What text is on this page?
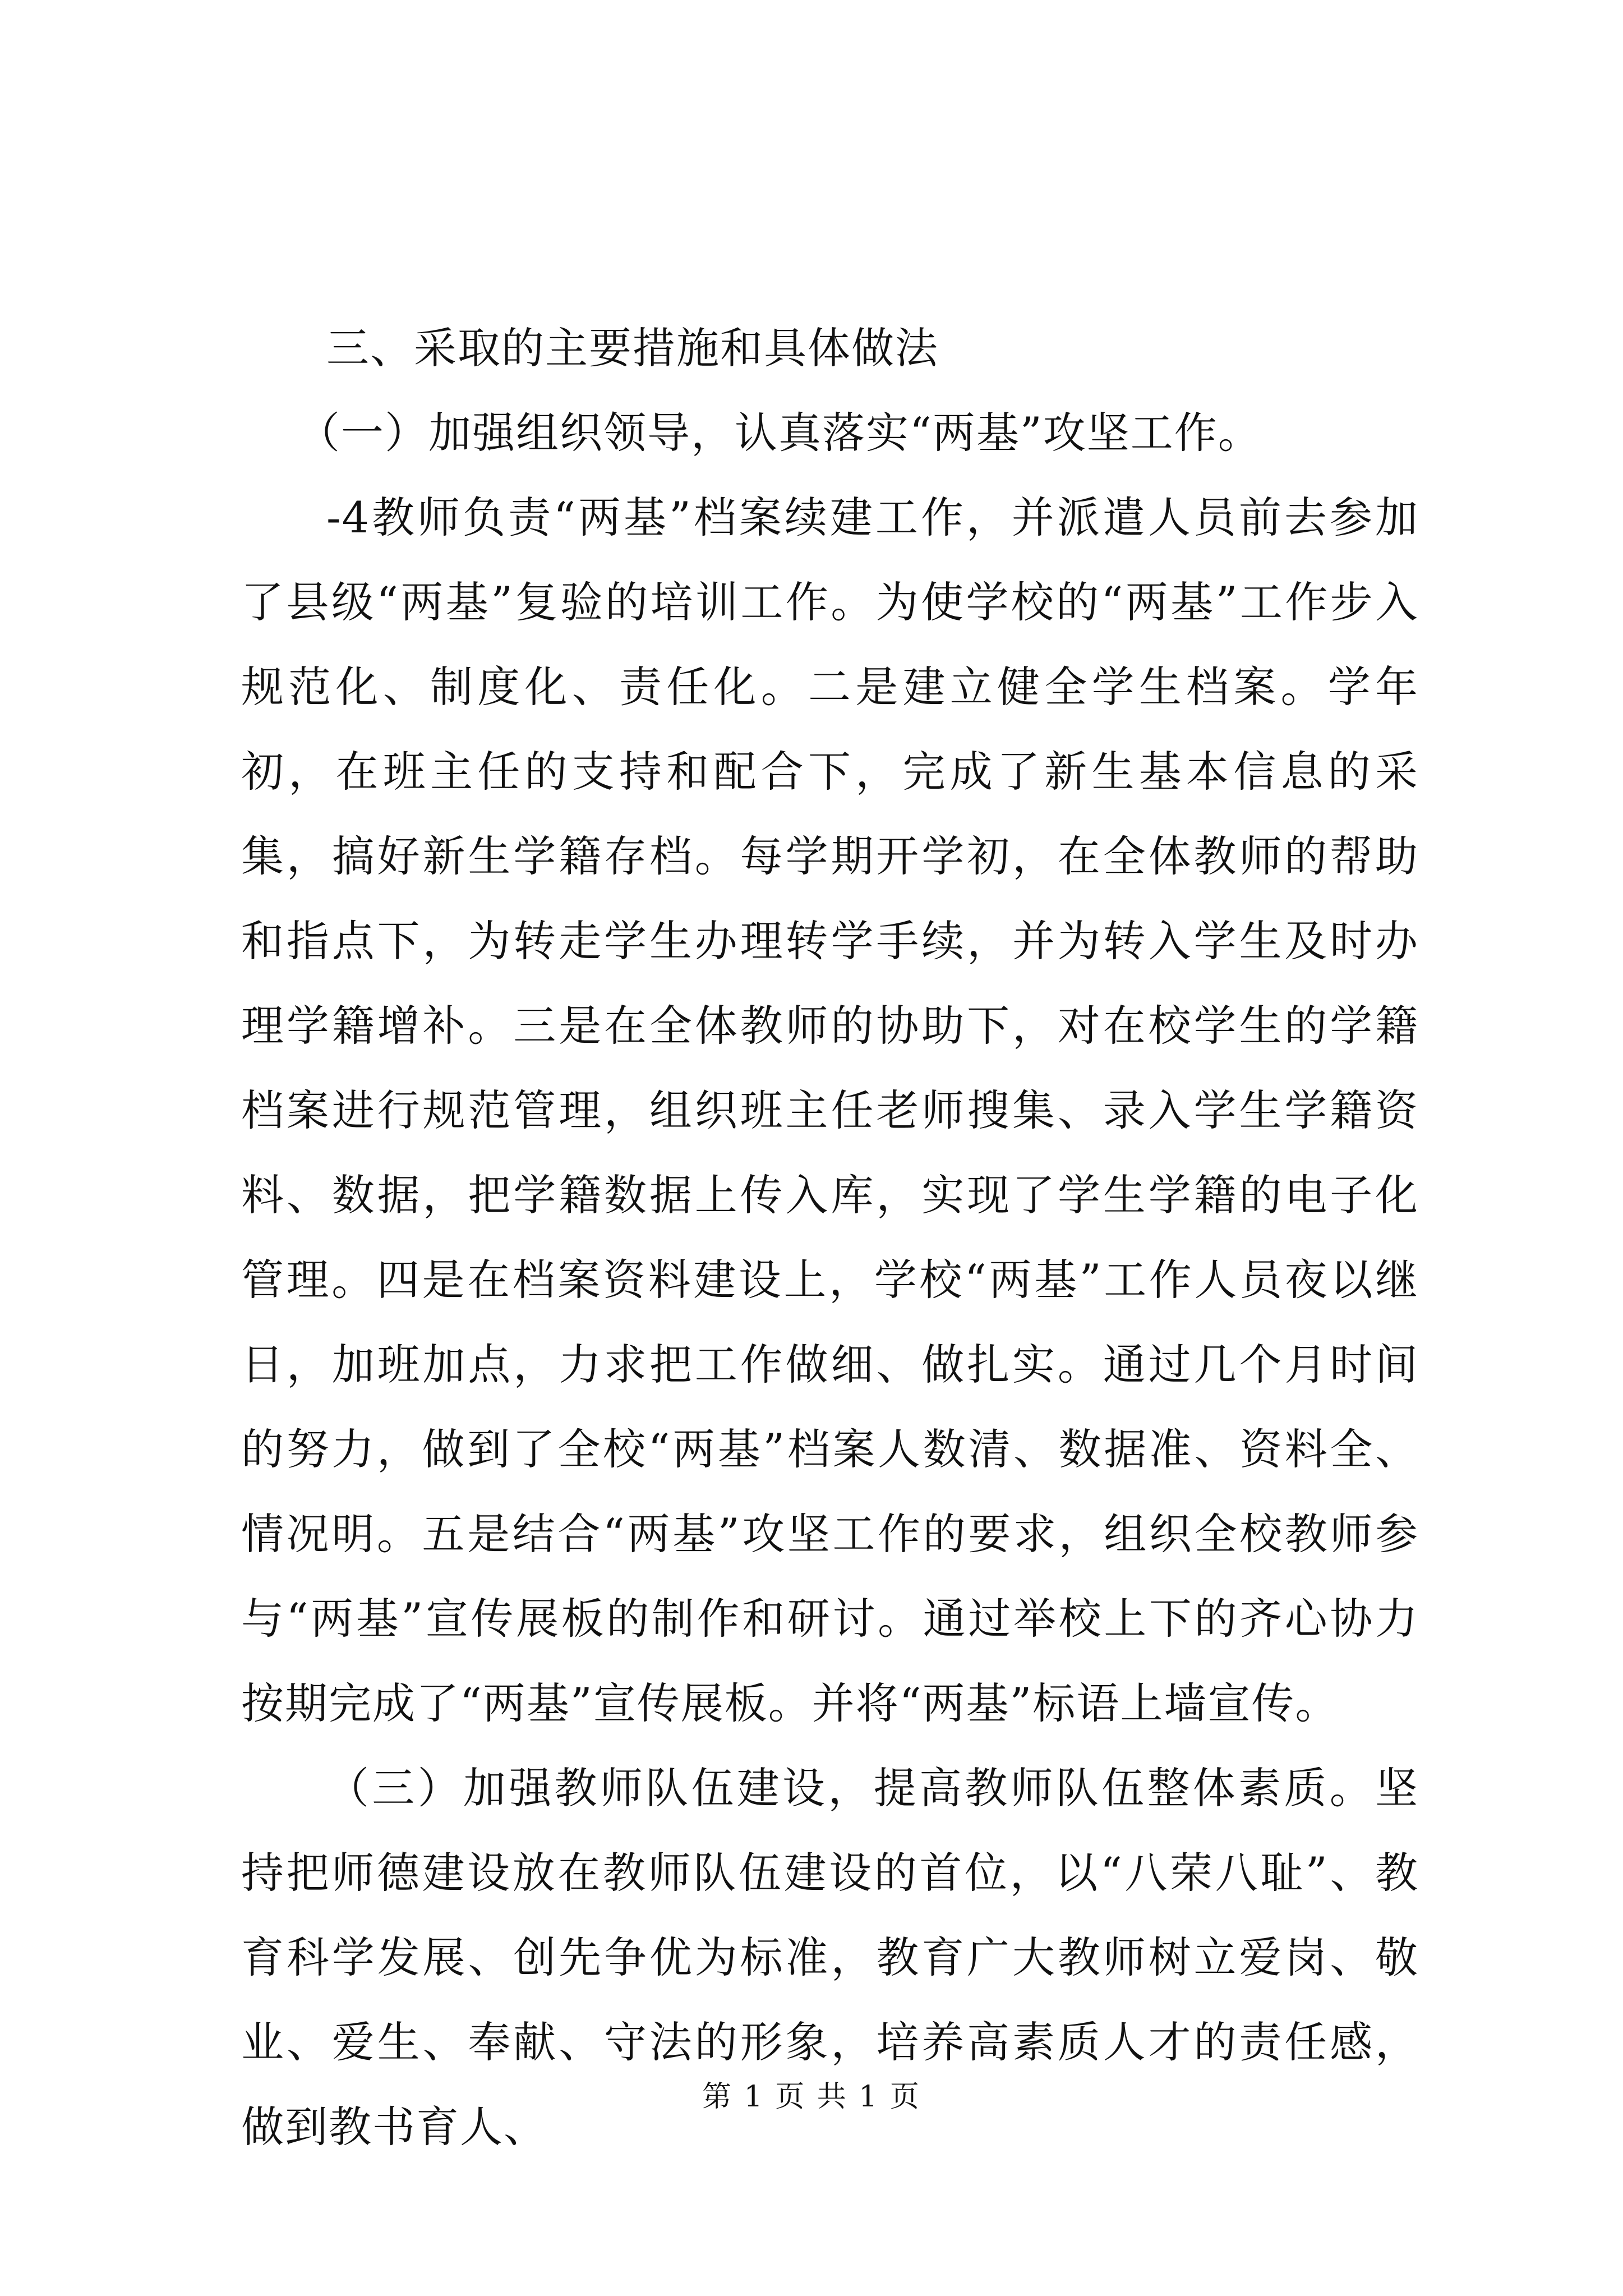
三、采取的主要措施和具体做法

（一）加强组织领导，认真落实“两基”攻坚工作。

-4教师负责“两基”档案续建工作，并派遣人员前去参加了县级“两基”复验的培训工作。为使学校的“两基”工作步入规范化、制度化、责任化。二是建立健全学生档案。学年初，在班主任的支持和配合下，完成了新生基本信息的采集，搞好新生学籍存档。每学期开学初，在全体教师的帮助和指点下，为转走学生办理转学手续，并为转入学生及时办理学籍增补。三是在全体教师的协助下，对在校学生的学籍档案进行规范管理，组织班主任老师搜集、录入学生学籍资料、数据，把学籍数据上传入库，实现了学生学籍的电子化管理。四是在档案资料建设上，学校“两基”工作人员夜以继日，加班加点，力求把工作做细、做扎实。通过几个月时间的努力，做到了全校“两基”档案人数清、数据准、资料全、情况明。五是结合“两基”攻坚工作的要求，组织全校教师参与“两基”宣传展板的制作和研讨。通过举校上下的齐心协力按期完成了“两基”宣传展板。并将“两基”标语上墙宣传。

（三）加强教师队伍建设，提高教师队伍整体素质。坚持把师德建设放在教师队伍建设的首位，以“八荣八耻”、教育科学发展、创先争优为标准，教育广大教师树立爱岗、敬业、爱生、奉献、守法的形象，培养高素质人才的责任感，做到教书育人、

第 1 页 共 1 页
